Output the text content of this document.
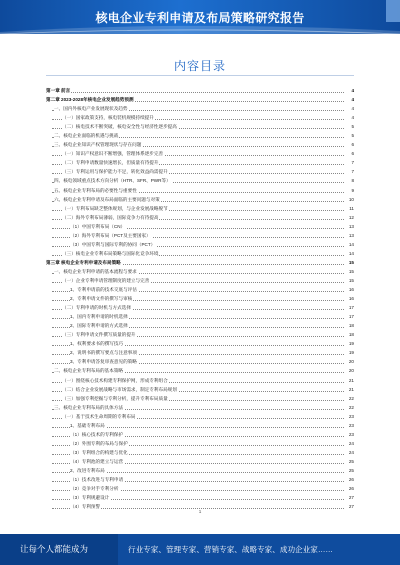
核电企业专利申请及布局策略研究报告
内容目录
第一章 前言	4
第二章 2023-2028年核电企业发展趋势预测	4
一、国内外核电产业发展现状及趋势	4
（一）国家政策支持，核电装机规模持续提升	4
（二）核电技术不断突破，核电安全性与经济性逐步提高	5
二、核电企业面临的机遇与挑战	5
三、核电企业知识产权管理现状与存在问题	6
（一）知识产权意识不断增强，管理体系逐步完善	6
（二）专利申请数量快速增长，但质量有待提升	7
（三）专利运用与保护能力不足，转化效益尚需提升	7
四、核电领域重点技术方向分析（HTR、SFR、PWR等）	8
五、核电企业专利布局的必要性与重要性	9
六、核电企业专利申请及布局面临的主要问题与对策	10
（一）专利布局缺乏整体规划，与企业发展战略脱节	11
（二）海外专利布局薄弱，国际竞争力有待提高	12
（1）中国专利布局（CN）	13
（2）海外专利布局（PCT及主要国家）	13
（3）中国专利与国际专利的协同（PCT）	14
（三）核电企业专利布局策略与国际化竞争环境	14
第三章 核电企业专利申请及布局策略	15
一、核电企业专利申请的基本流程与要求	15
（一）企业专利申请管理制度的建立与完善	15
1、专利申请前的技术交底与评估	16
2、专利申请文件的撰写与审核	16
（二）专利申请的时机与方式选择	17
1、国内专利申请的时机选择	17
2、国际专利申请的方式选择	18
（三）专利申请文件撰写质量的提升	18
1、权利要求书的撰写技巧	19
2、说明书的撰写要点与注意事项	19
3、专利申请答复审查意见的策略	20
二、核电企业专利布局的基本策略	20
（一）围绕核心技术构建专利保护网，形成专利组合	21
（二）结合企业发展战略与市场需求，制定专利布局规划	21
（三）加强专利挖掘与专利分析，提升专利布局质量	22
三、核电企业专利布局的具体方法	22
（一）基于技术生命周期的专利布局	23
1、基础专利布局	23
（1）核心技术的专利保护	23
（2）外围专利的布局与保护	24
（3）专利组合的构建与优化	24
（4）专利池的建立与运营	25
2、改进专利布局	25
（1）技术改进与专利申请	26
（2）竞争对手专利分析	26
（3）专利规避设计	27
（4）专利预警	27
1
让每个人都能成为	行业专家、管理专家、营销专家、战略专家、成功企业家……
